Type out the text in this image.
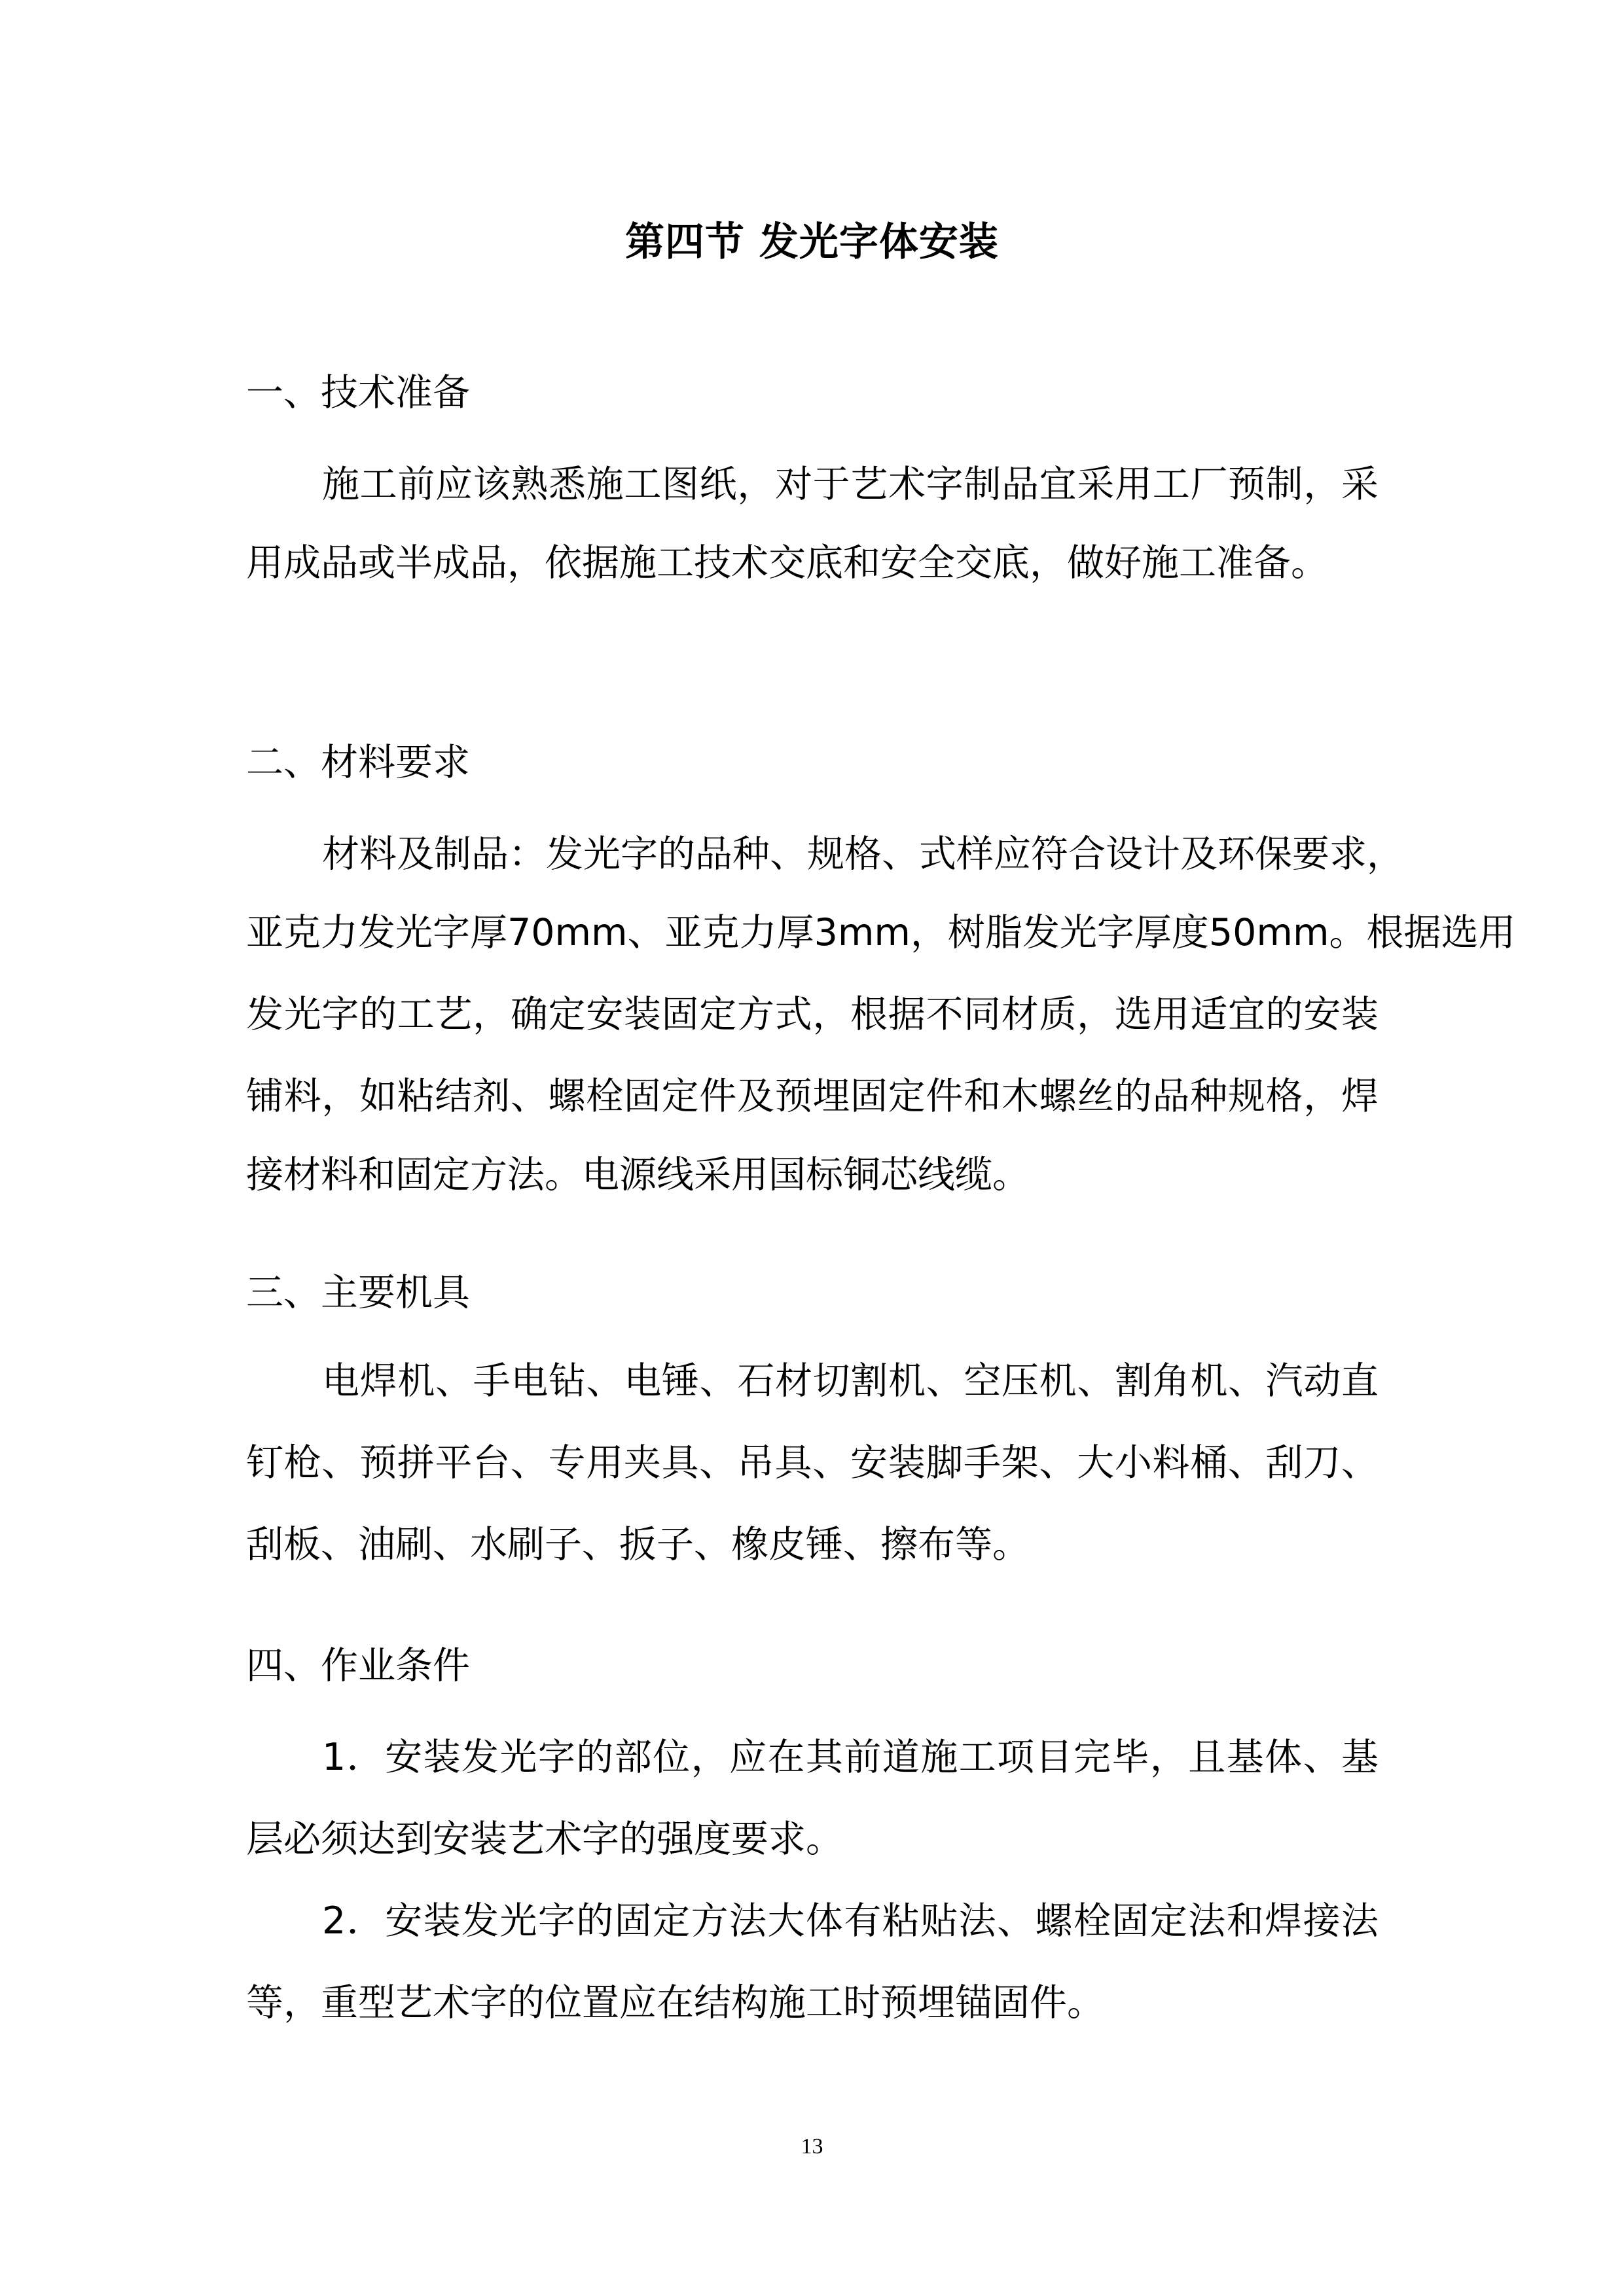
第四节 发光字体安装
一、技术准备
施工前应该熟悉施工图纸，对于艺术字制品宜采用工厂预制，采
用成品或半成品，依据施工技术交底和安全交底，做好施工准备。
二、材料要求
材料及制品：发光字的品种、规格、式样应符合设计及环保要求，
亚克力发光字厚70mm、亚克力厚3mm，树脂发光字厚度50mm。根据选用
发光字的工艺，确定安装固定方式，根据不同材质，选用适宜的安装
铺料，如粘结剂、螺栓固定件及预埋固定件和木螺丝的品种规格，焊
接材料和固定方法。电源线采用国标铜芯线缆。
三、主要机具
电焊机、手电钻、电锤、石材切割机、空压机、割角机、汽动直
钉枪、预拼平台、专用夹具、吊具、安装脚手架、大小料桶、刮刀、
刮板、油刷、水刷子、扳子、橡皮锤、擦布等。
四、作业条件
1．安装发光字的部位，应在其前道施工项目完毕，且基体、基
层必须达到安装艺术字的强度要求。
2．安装发光字的固定方法大体有粘贴法、螺栓固定法和焊接法
等，重型艺术字的位置应在结构施工时预埋锚固件。
13
